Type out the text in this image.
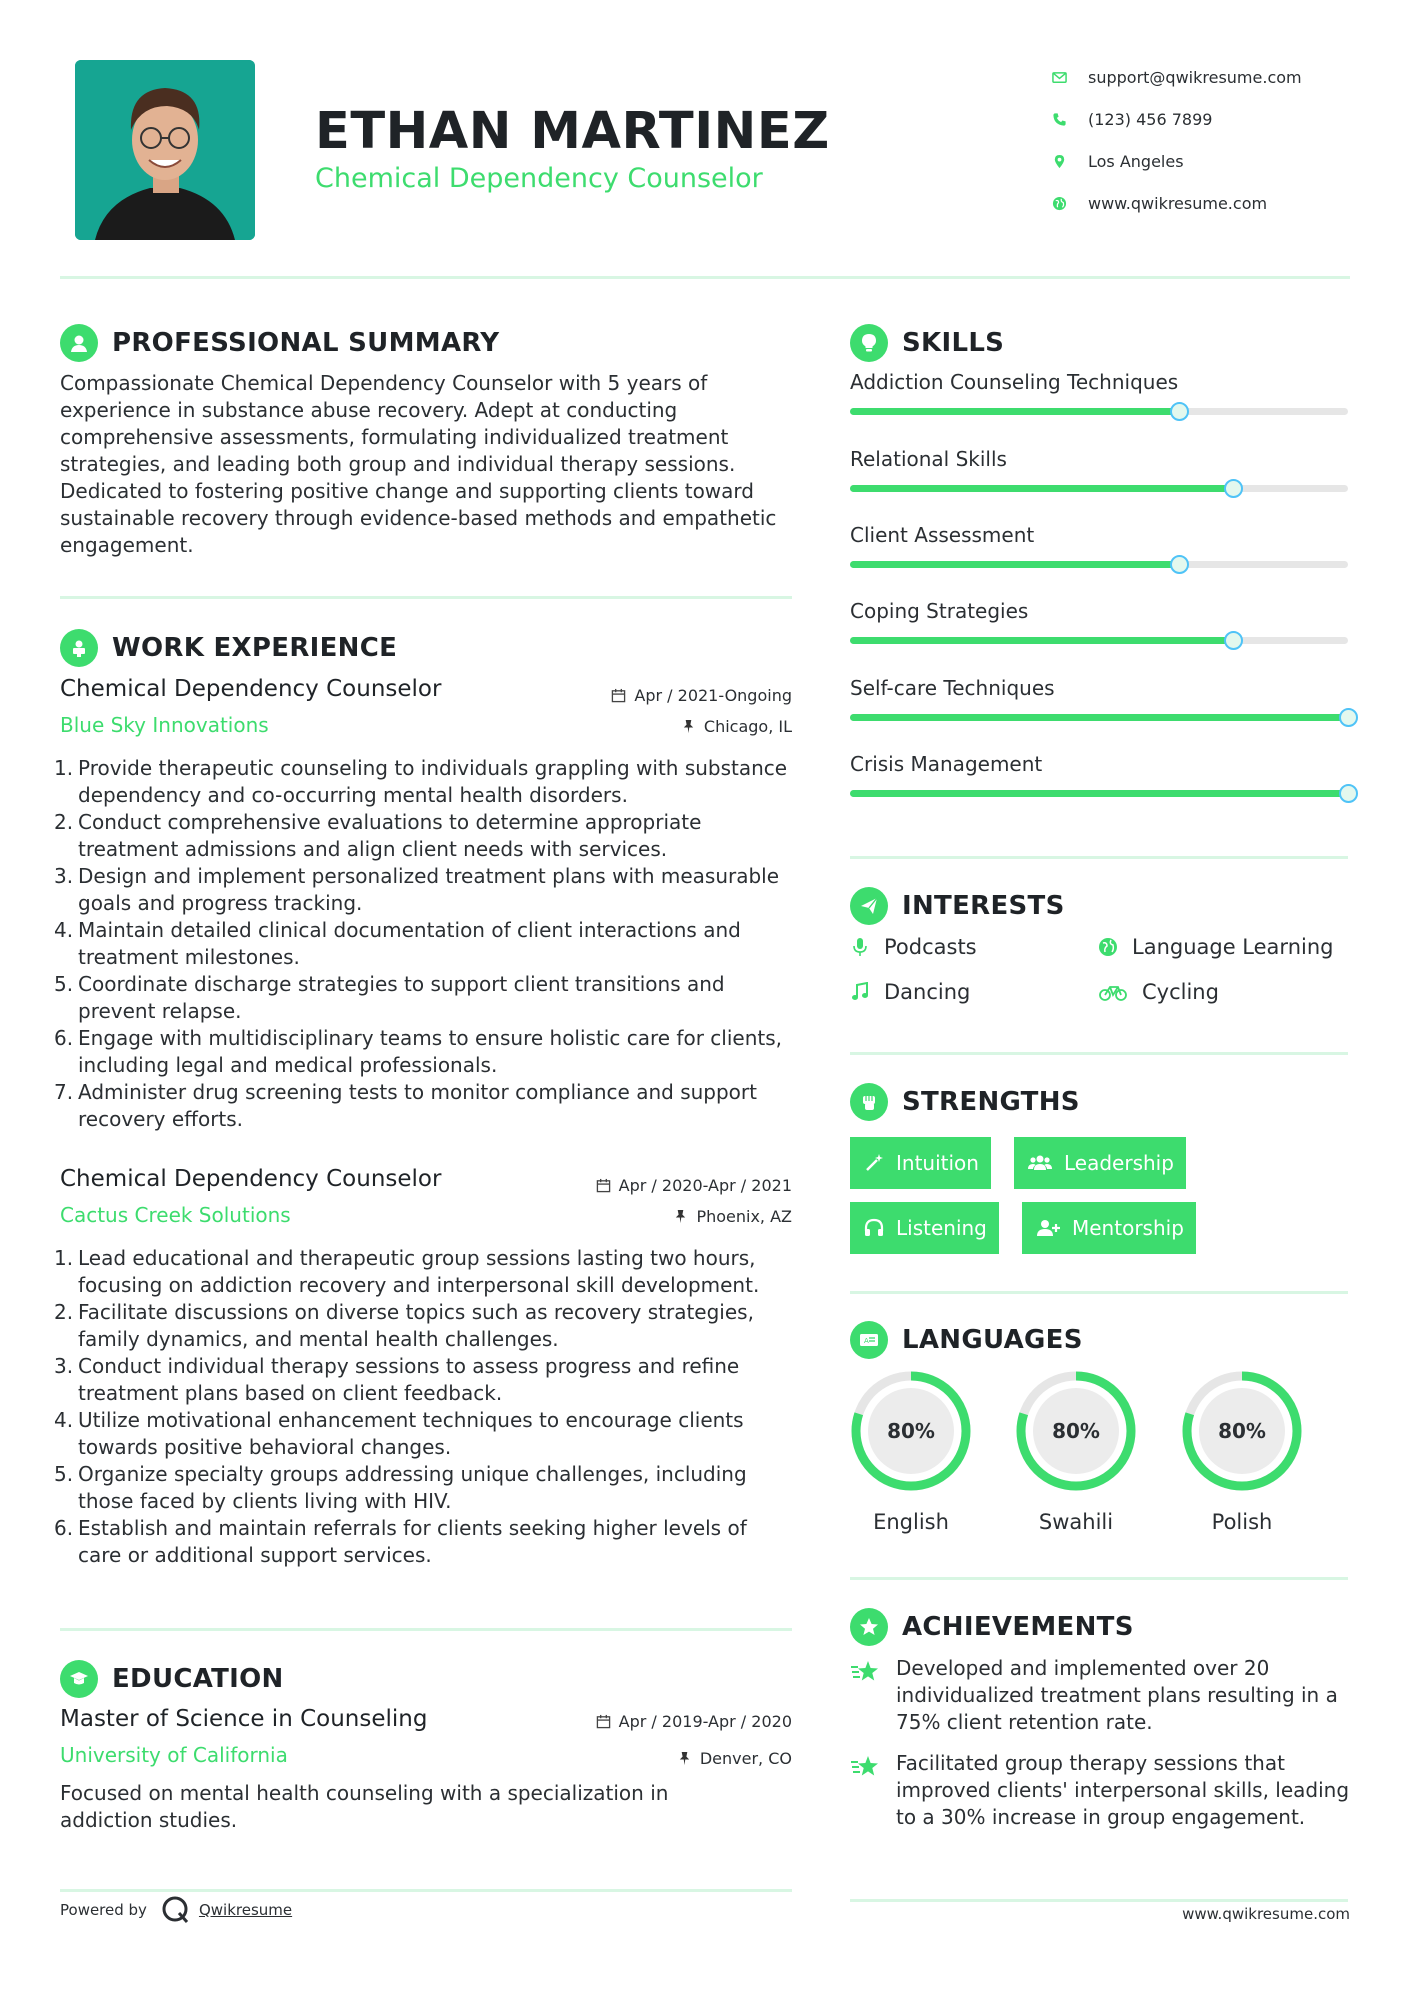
ETHAN MARTINEZ
Chemical Dependency Counselor
support@qwikresume.com
(123) 456 7899
Los Angeles
www.qwikresume.com
PROFESSIONAL SUMMARY
Compassionate Chemical Dependency Counselor with 5 years of experience in substance abuse recovery. Adept at conducting comprehensive assessments, formulating individualized treatment strategies, and leading both group and individual therapy sessions. Dedicated to fostering positive change and supporting clients toward sustainable recovery through evidence-based methods and empathetic engagement.
WORK EXPERIENCE
Chemical Dependency Counselor	Apr / 2021-Ongoing
Blue Sky Innovations	Chicago, IL
1. Provide therapeutic counseling to individuals grappling with substance dependency and co-occurring mental health disorders.
2. Conduct comprehensive evaluations to determine appropriate treatment admissions and align client needs with services.
3. Design and implement personalized treatment plans with measurable goals and progress tracking.
4. Maintain detailed clinical documentation of client interactions and treatment milestones.
5. Coordinate discharge strategies to support client transitions and prevent relapse.
6. Engage with multidisciplinary teams to ensure holistic care for clients, including legal and medical professionals.
7. Administer drug screening tests to monitor compliance and support recovery efforts.
Chemical Dependency Counselor	Apr / 2020-Apr / 2021
Cactus Creek Solutions	Phoenix, AZ
1. Lead educational and therapeutic group sessions lasting two hours, focusing on addiction recovery and interpersonal skill development.
2. Facilitate discussions on diverse topics such as recovery strategies, family dynamics, and mental health challenges.
3. Conduct individual therapy sessions to assess progress and refine treatment plans based on client feedback.
4. Utilize motivational enhancement techniques to encourage clients towards positive behavioral changes.
5. Organize specialty groups addressing unique challenges, including those faced by clients living with HIV.
6. Establish and maintain referrals for clients seeking higher levels of care or additional support services.
EDUCATION
Master of Science in Counseling	Apr / 2019-Apr / 2020
University of California	Denver, CO
Focused on mental health counseling with a specialization in addiction studies.
SKILLS
Addiction Counseling Techniques
Relational Skills
Client Assessment
Coping Strategies
Self-care Techniques
Crisis Management
INTERESTS
Podcasts	Language Learning
Dancing	Cycling
STRENGTHS
Intuition	Leadership
Listening	Mentorship
A LANGUAGES
80%
English
80%
Swahili
80%
Polish
ACHIEVEMENTS
Developed and implemented over 20 individualized treatment plans resulting in a 75% client retention rate.
Facilitated group therapy sessions that improved clients' interpersonal skills, leading to a 30% increase in group engagement.
Powered by	Qwikresume	www.qwikresume.com
